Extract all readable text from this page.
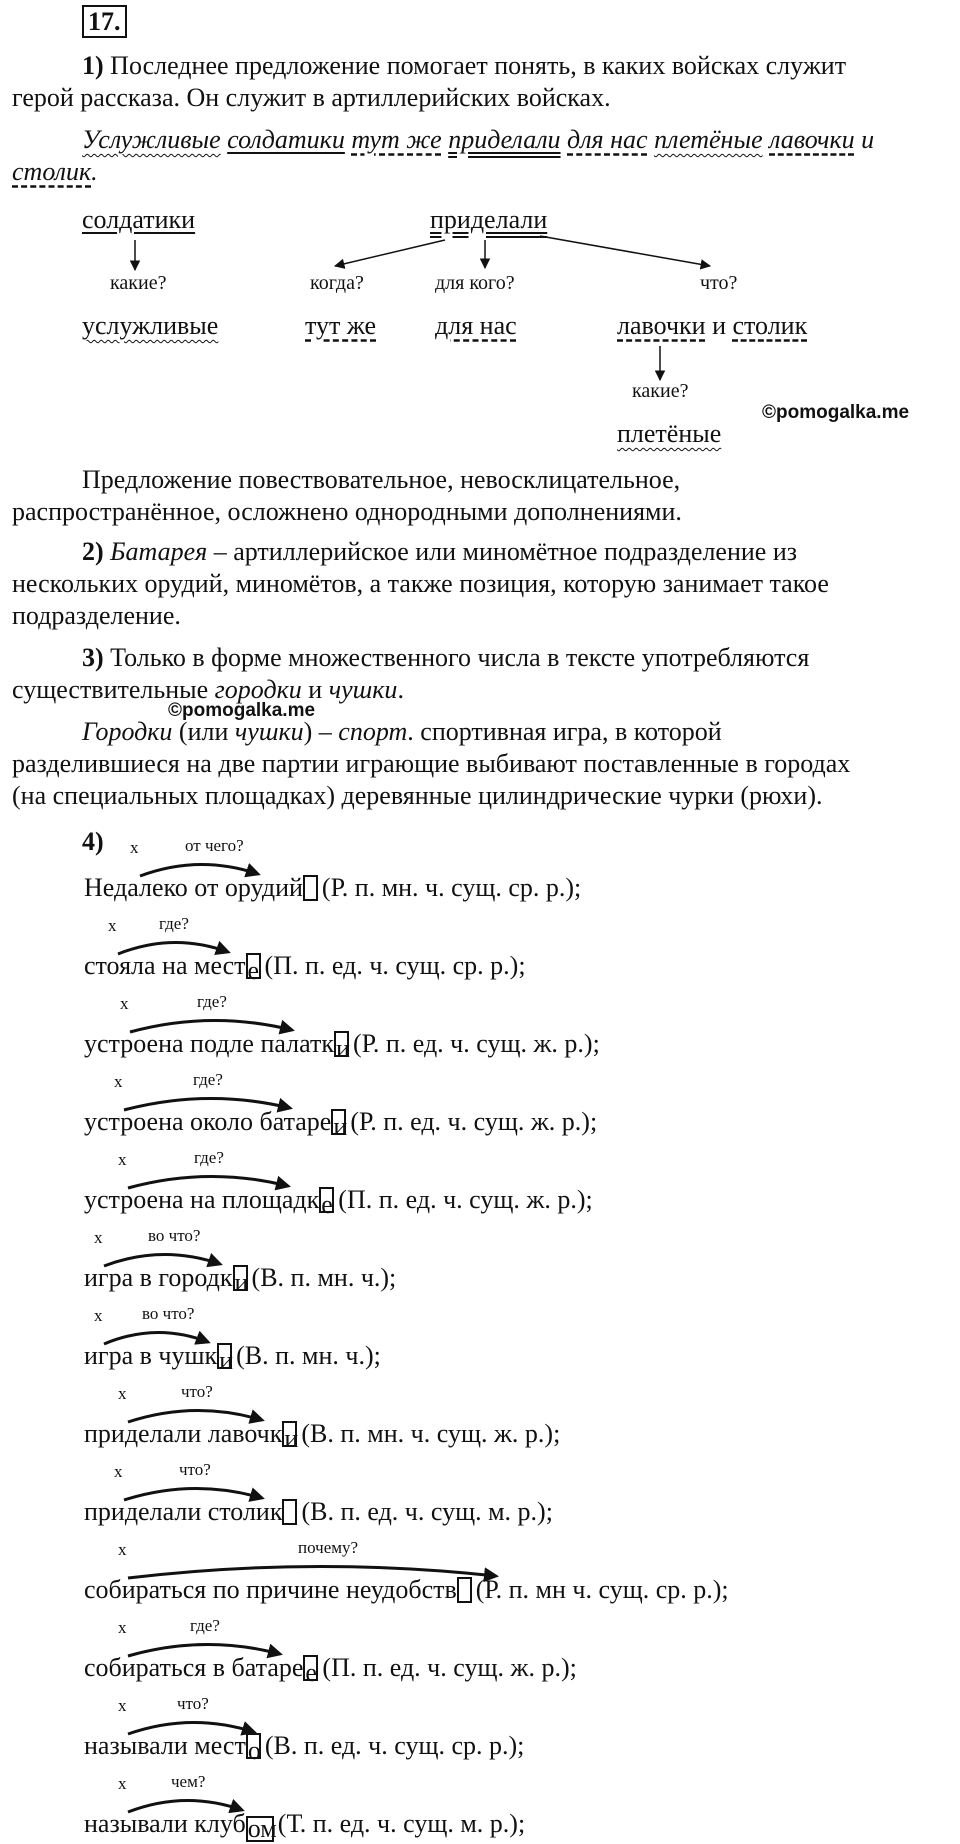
17.
1) Последнее предложение помогает понять, в каких войсках служит
герой рассказа. Он служит в артиллерийских войсках.
Услужливые солдатики тут же приделали для нас плетёные лавочки и
столик.
солдатики
какие?
услужливые
приделали
когда?	для кого?	что?
тут же для нас	лавочки и столик
какие?
плетёные
©pomogalka.me
Предложение повествовательное, невосклицательное,
распространённое, осложнено однородными дополнениями.
2) Батарея – артиллерийское или миномётное подразделение из
нескольких орудий, миномётов, а также позиция, которую занимает такое
подразделение.
3) Только в форме множественного числа в тексте употребляются
существительные городки и чушки.
©pomogalka.me
Городки (или чушки) – спорт. спортивная игра, в которой
разделившиеся на две партии играющие выбивают поставленные в городах
(на специальных площадках) деревянные цилиндрические чурки (рюхи).
4)
Недалеко от орудий (Р. п. мн. ч. сущ. ср. р.);
х	от чего?
стояла на месте (П. п. ед. ч. сущ. ср. р.);
х	где?
устроена подле палатки (Р. п. ед. ч. сущ. ж. р.);
х	где?
устроена около батареи (Р. п. ед. ч. сущ. ж. р.);
х	где?
устроена на площадке (П. п. ед. ч. сущ. ж. р.);
х	где?
игра в городки (В. п. мн. ч.);
х	во что?
игра в чушки (В. п. мн. ч.);
х во что?
приделали лавочки (В. п. мн. ч. сущ. ж. р.);
х	что?
приделали столик (В. п. ед. ч. сущ. м. р.);
х	что?
собираться по причине неудобств (Р. п. мн ч. сущ. ср. р.);
х	почему?
собираться в батарее (П. п. ед. ч. сущ. ж. р.);
х	где?
называли место (В. п. ед. ч. сущ. ср. р.);
х	что?
называли клубом(Т. п. ед. ч. сущ. м. р.);
х	чем?
